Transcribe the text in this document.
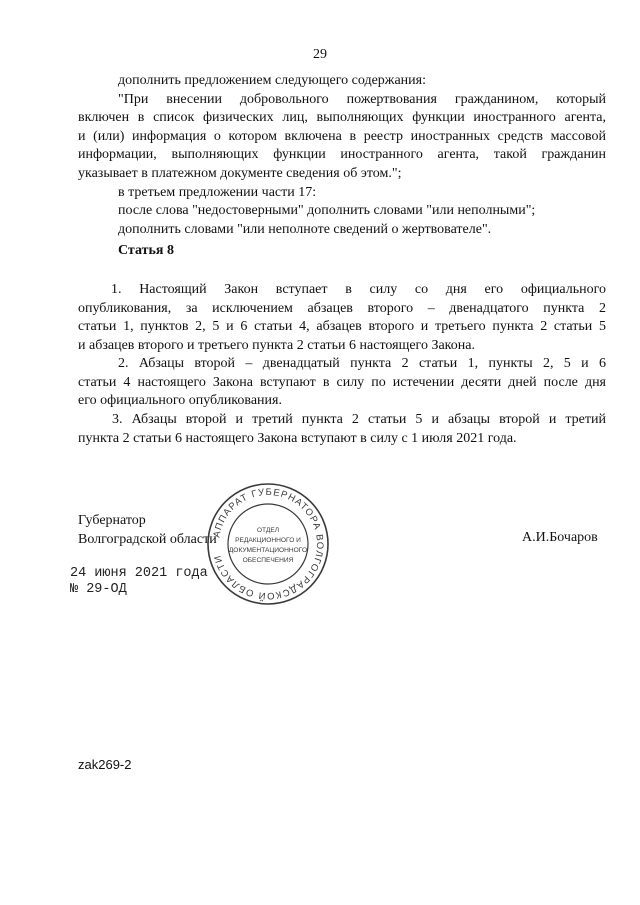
29
дополнить предложением следующего содержания:
"При внесении добровольного пожертвования гражданином, который
включен в список физических лиц, выполняющих функции иностранного агента,
и (или) информация о котором включена в реестр иностранных средств массовой
информации, выполняющих функции иностранного агента, такой гражданин
указывает в платежном документе сведения об этом.";
в третьем предложении части 17:
после слова "недостоверными" дополнить словами "или неполными";
дополнить словами "или неполноте сведений о жертвователе".
Статья 8
1. Настоящий Закон вступает в силу со дня его официального
опубликования, за исключением абзацев второго – двенадцатого пункта 2
статьи 1, пунктов 2, 5 и 6 статьи 4, абзацев второго и третьего пункта 2 статьи 5
и абзацев второго и третьего пункта 2 статьи 6 настоящего Закона.
2. Абзацы второй – двенадцатый пункта 2 статьи 1, пункты 2, 5 и 6
статьи 4 настоящего Закона вступают в силу по истечении десяти дней после дня
его официального опубликования.
3. Абзацы второй и третий пункта 2 статьи 5 и абзацы второй и третий
пункта 2 статьи 6 настоящего Закона вступают в силу с 1 июля 2021 года.
Губернатор
Волгоградской области	А.И.Бочаров
АППАРАТ ГУБЕРНАТОРА ВОЛГОГРАДСКОЙ ОБЛАСТИ
ОТДЕЛ
РЕДАКЦИОННОГО И
ДОКУМЕНТАЦИОННОГО
ОБЕСПЕЧЕНИЯ
24 июня 2021 года
№ 29-ОД
zak269-2
